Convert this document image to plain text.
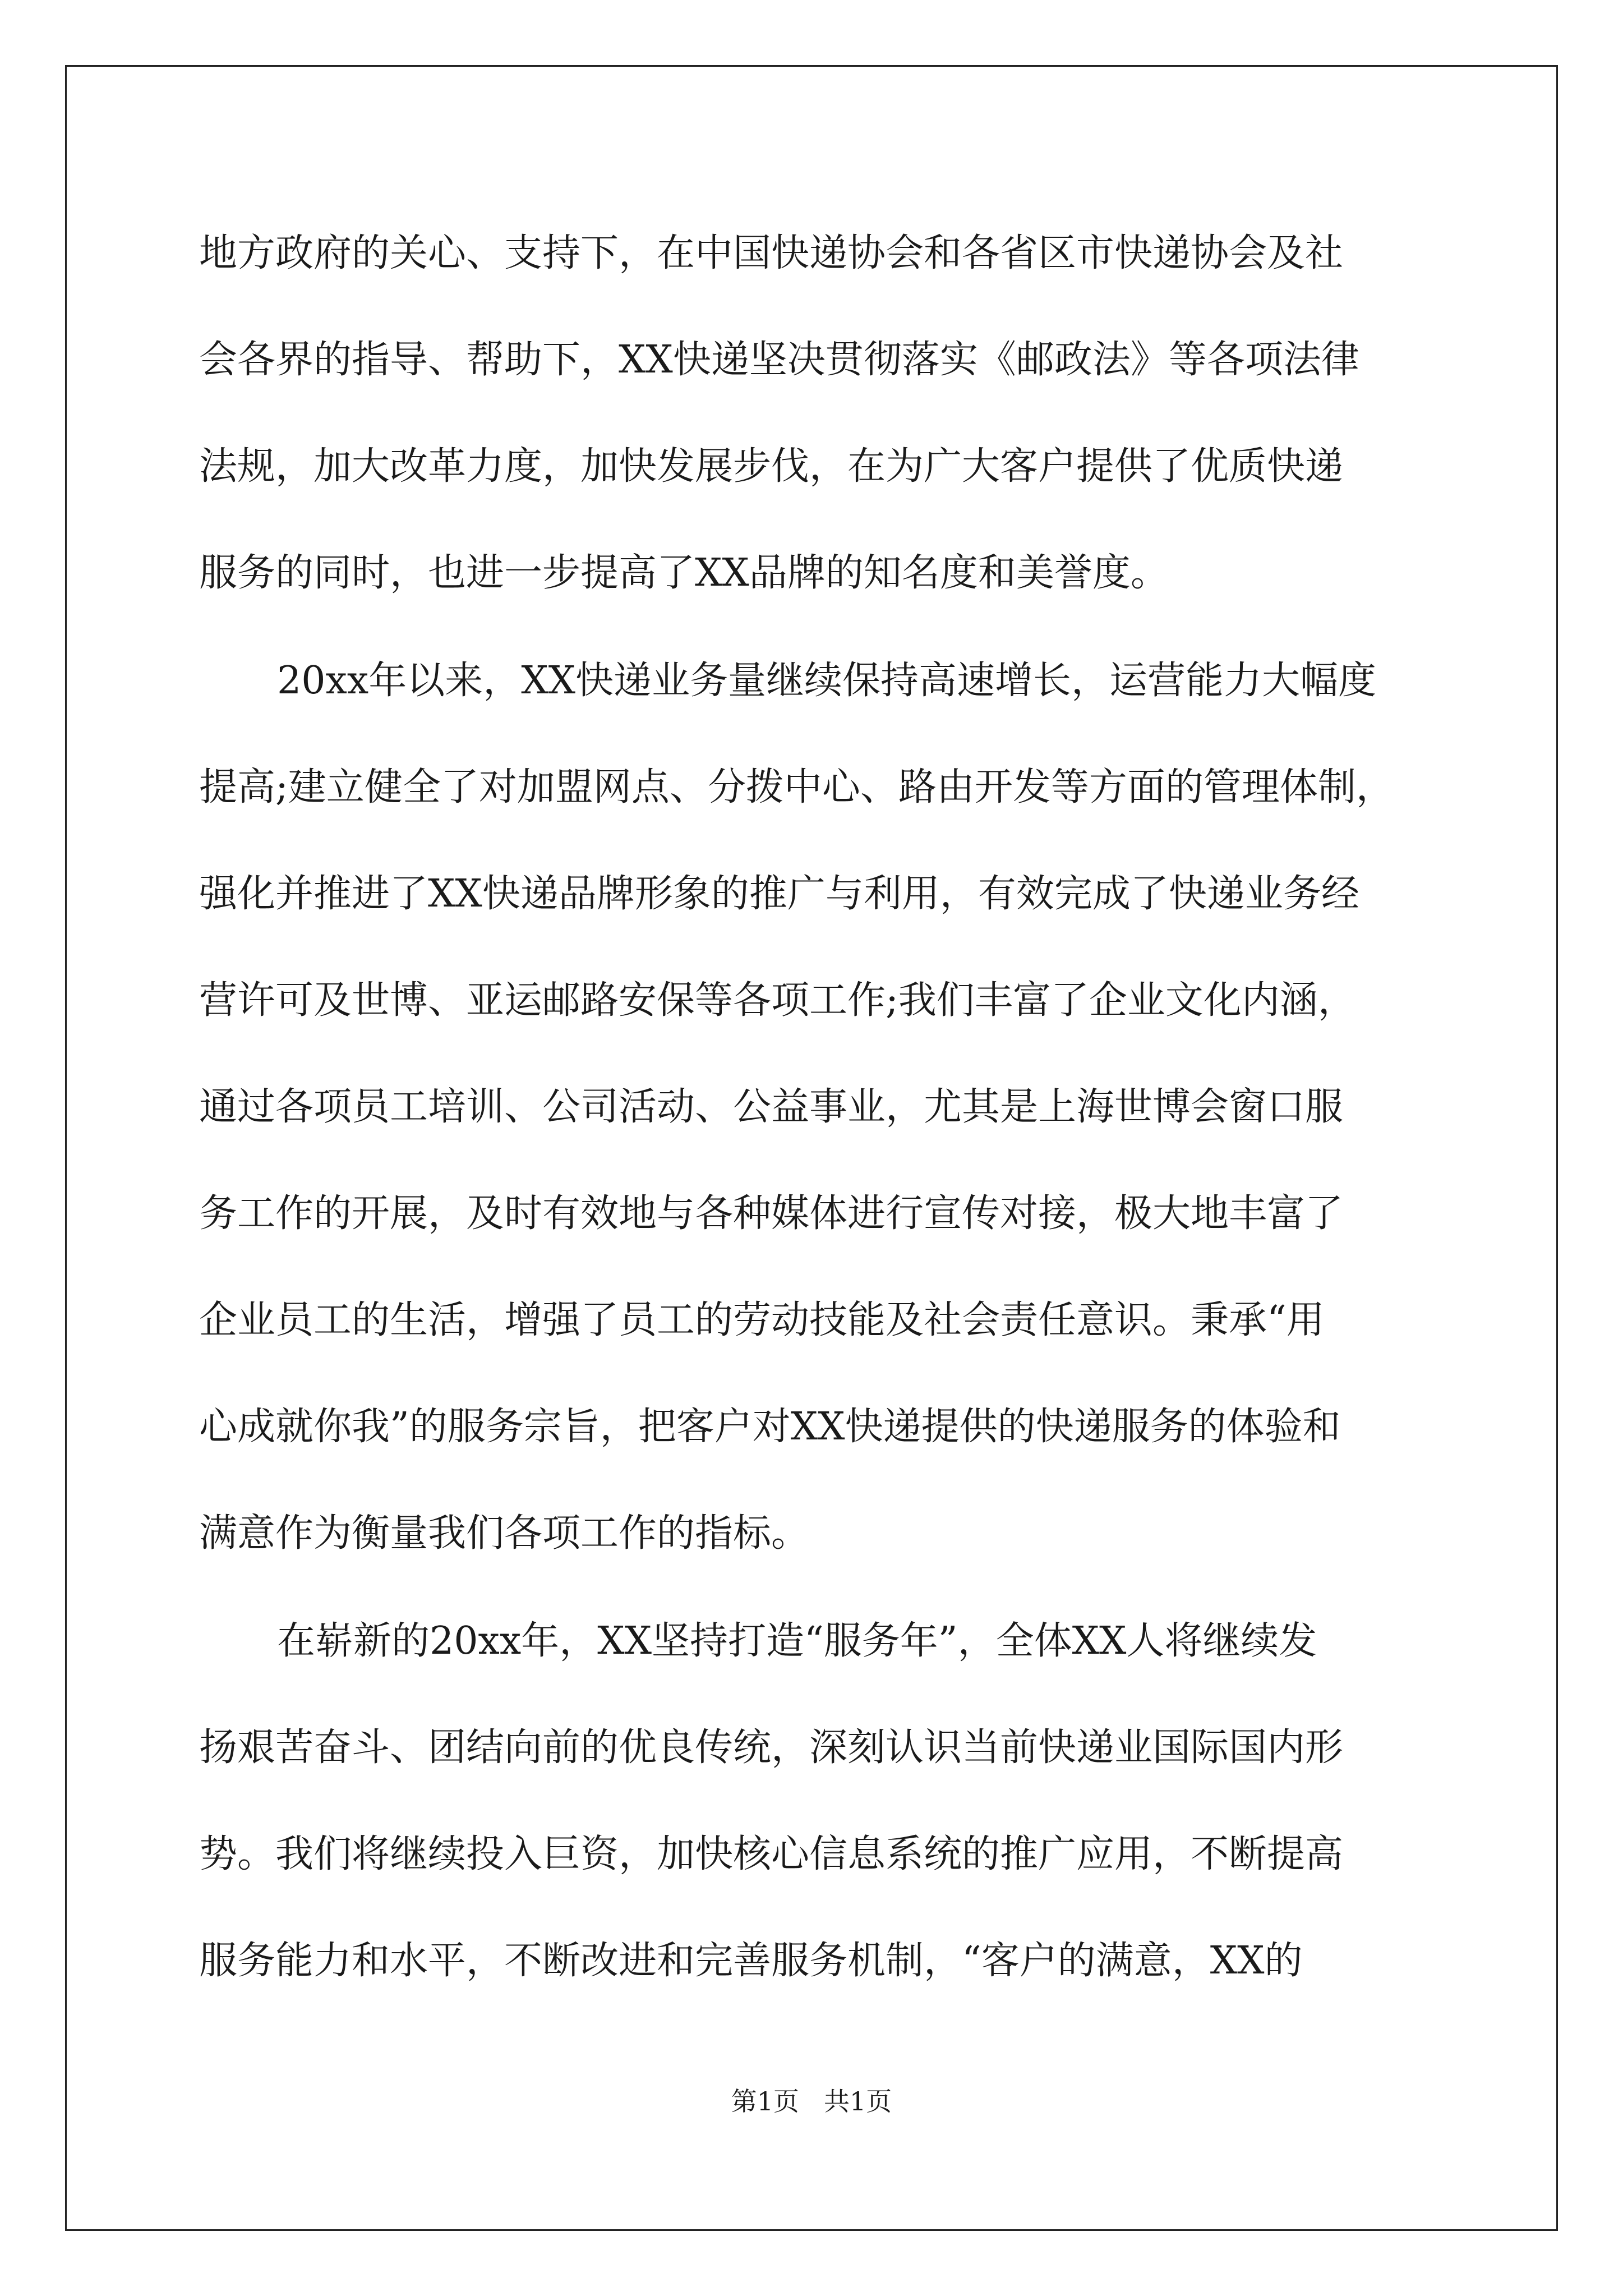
地方政府的关心、支持下，在中国快递协会和各省区市快递协会及社
会各界的指导、帮助下，XX快递坚决贯彻落实《邮政法》等各项法律
法规，加大改革力度，加快发展步伐，在为广大客户提供了优质快递
服务的同时，也进一步提高了XX品牌的知名度和美誉度。
20xx年以来，XX快递业务量继续保持高速增长，运营能力大幅度
提高;建立健全了对加盟网点、分拨中心、路由开发等方面的管理体制，
强化并推进了XX快递品牌形象的推广与利用，有效完成了快递业务经
营许可及世博、亚运邮路安保等各项工作;我们丰富了企业文化内涵，
通过各项员工培训、公司活动、公益事业，尤其是上海世博会窗口服
务工作的开展，及时有效地与各种媒体进行宣传对接，极大地丰富了
企业员工的生活，增强了员工的劳动技能及社会责任意识。秉承“用
心成就你我”的服务宗旨，把客户对XX快递提供的快递服务的体验和
满意作为衡量我们各项工作的指标。
在崭新的20xx年，XX坚持打造“服务年”，全体XX人将继续发
扬艰苦奋斗、团结向前的优良传统，深刻认识当前快递业国际国内形
势。我们将继续投入巨资，加快核心信息系统的推广应用，不断提高
服务能力和水平，不断改进和完善服务机制，“客户的满意，XX的
第1页 共1页
